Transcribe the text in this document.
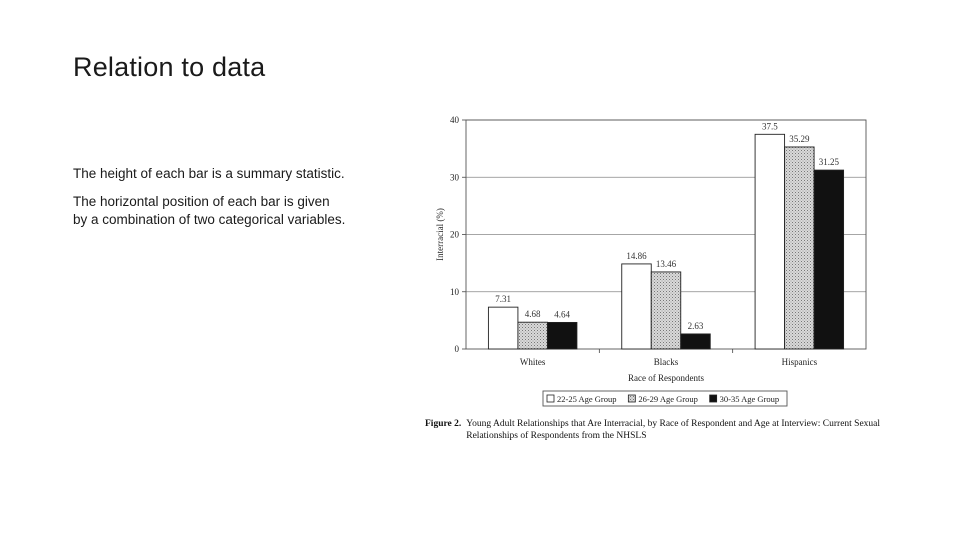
Relation to data

The height of each bar is a summary statistic.

The horizontal position of each bar is given
by a combination of two categorical variables.

0
10
20
30
40
7.31
4.68 4.64
Whites
14.86
13.46
2.63
Blacks
37.5
35.29
31.25
Hispanics
Race of Respondents
Interracial (%)
22-25 Age Group	26-29 Age Group	30-35 Age Group
Figure 2. Young Adult Relationships that Are Interracial, by Race of Respondent and Age at Interview: Current Sexual Relationships of Respondents from the NHSLS
